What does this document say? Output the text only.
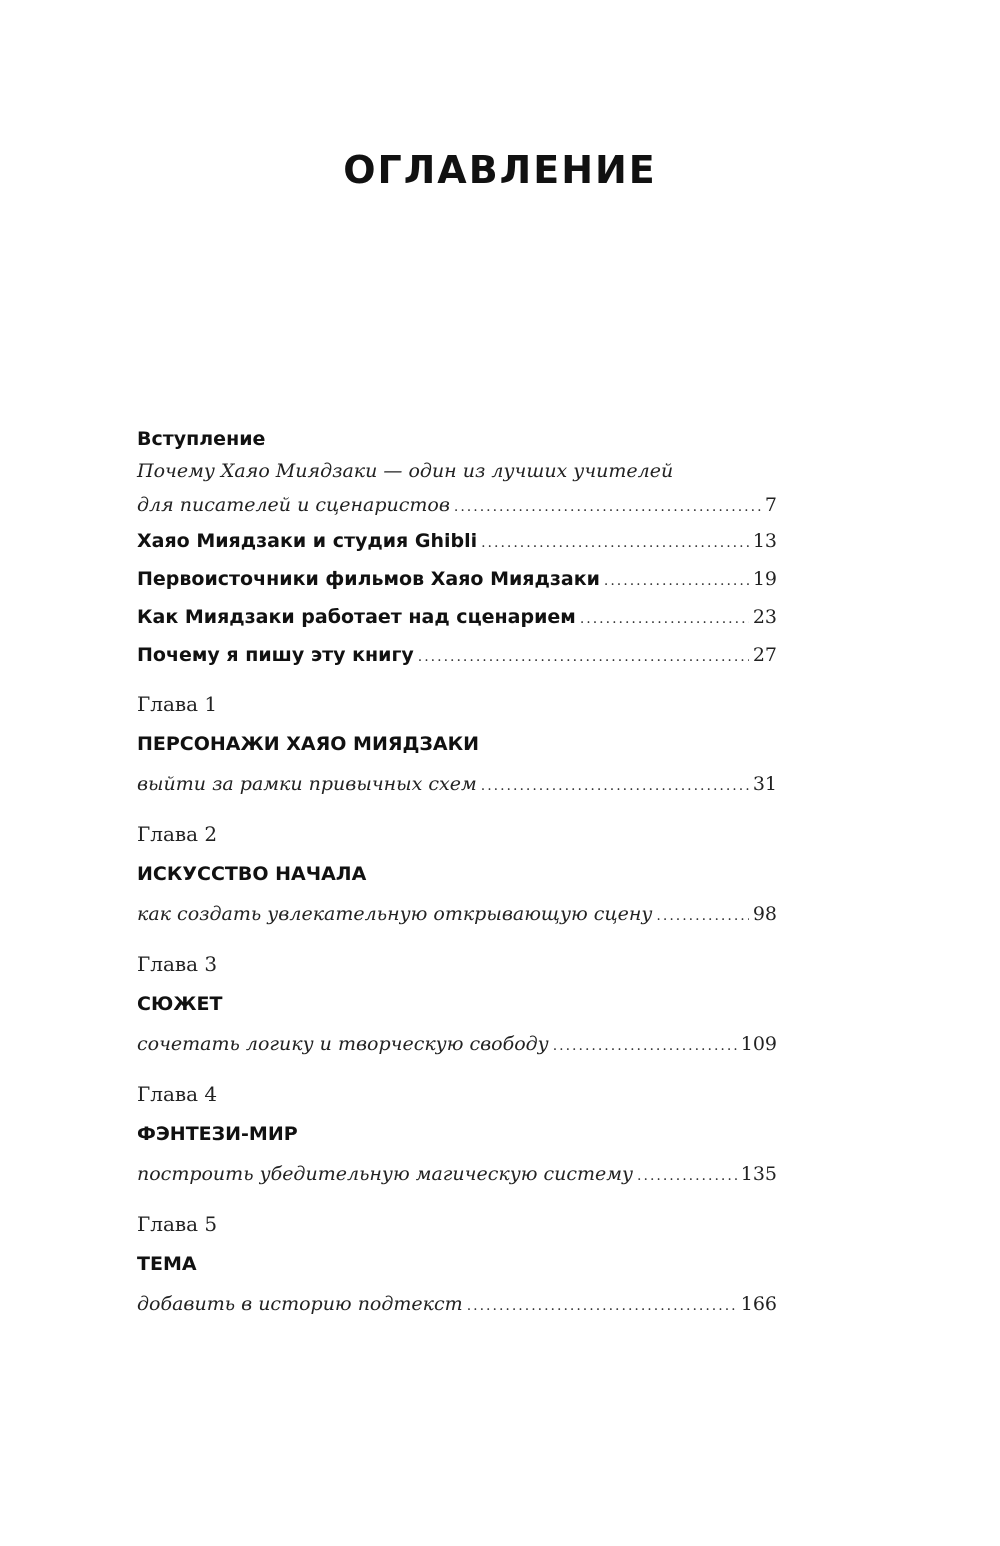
ОГЛАВЛЕНИЕ
Вступление
Почему Хаяо Миядзаки — один из лучших учителей
для писателей и сценаристов .....	7
Хаяо Миядзаки и студия Ghibli .....	13
Первоисточники фильмов Хаяо Миядзаки .....	19
Как Миядзаки работает над сценарием .....	23
Почему я пишу эту книгу .....	27
Глава 1
ПЕРСОНАЖИ ХАЯО МИЯДЗАКИ
выйти за рамки привычных схем .....	31
Глава 2
ИСКУССТВО НАЧАЛА
как создать увлекательную открывающую сцену .....	98
Глава 3
СЮЖЕТ
сочетать логику и творческую свободу .....	109
Глава 4
ФЭНТЕЗИ-МИР
построить убедительную магическую систему .....	135
Глава 5
ТЕМА
добавить в историю подтекст .....	166
